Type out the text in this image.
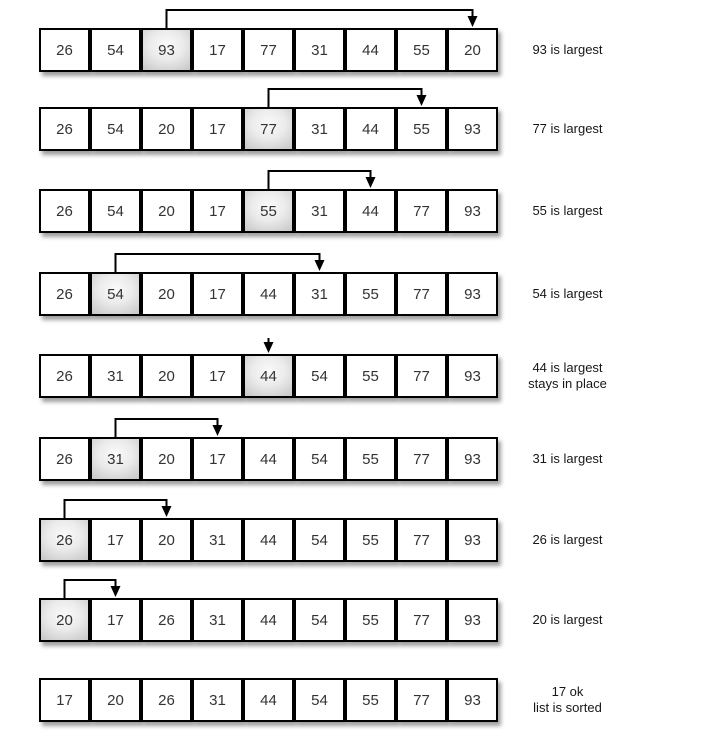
26	54	93	17	77	31	44	55	20	93 is largest
26	54	20	17	77	31	44	55	93	77 is largest
26	54	20	17	55	31	44	77	93	55 is largest
26	54	20	17	44	31	55	77	93	54 is largest
26	31	20	17	44	54	55	77	93	44 is largest
stays in place
26	31	20	17	44	54	55	77	93	31 is largest
26	17	20	31	44	54	55	77	93	26 is largest
20	17	26	31	44	54	55	77	93	20 is largest
17	20	26	31	44	54	55	77	93	17 ok
list is sorted
